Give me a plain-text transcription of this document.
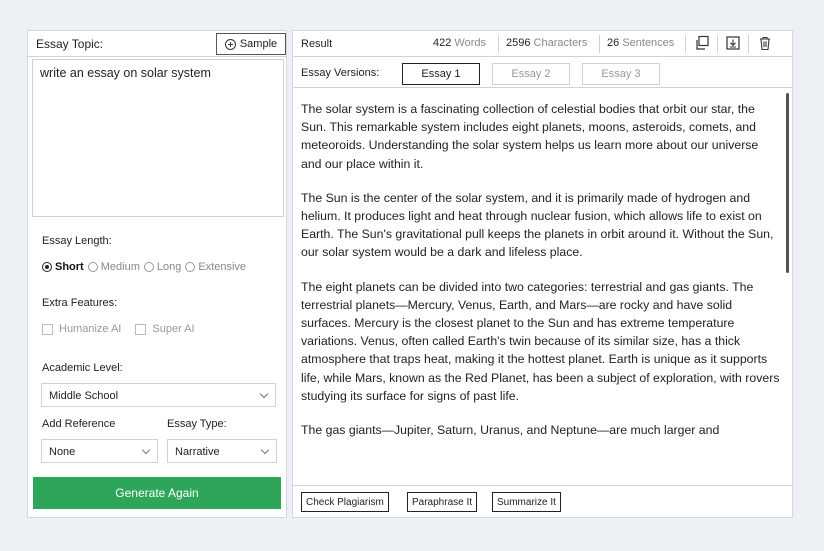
Essay Topic:	Sample
write an essay on solar system
Essay Length:
Short Medium Long Extensive
Extra Features:
Humanize AI	Super AI
Academic Level:
Middle School
Add Reference	Essay Type:
None	Narrative
Generate Again
Result	422 Words 2596 Characters 26 Sentences
Essay Versions:	Essay 1	Essay 2	Essay 3

The solar system is a fascinating collection of celestial bodies that orbit our star, the Sun. This remarkable system includes eight planets, moons, asteroids, comets, and meteoroids. Understanding the solar system helps us learn more about our universe and our place within it.

The Sun is the center of the solar system, and it is primarily made of hydrogen and helium. It produces light and heat through nuclear fusion, which allows life to exist on Earth. The Sun's gravitational pull keeps the planets in orbit around it. Without the Sun, our solar system would be a dark and lifeless place.

The eight planets can be divided into two categories: terrestrial and gas giants. The terrestrial planets—Mercury, Venus, Earth, and Mars—are rocky and have solid surfaces. Mercury is the closest planet to the Sun and has extreme temperature variations. Venus, often called Earth's twin because of its similar size, has a thick atmosphere that traps heat, making it the hottest planet. Earth is unique as it supports life, while Mars, known as the Red Planet, has been a subject of exploration, with rovers studying its surface for signs of past life.

The gas giants—Jupiter, Saturn, Uranus, and Neptune—are much larger and

Check Plagiarism	Paraphrase It	Summarize It
